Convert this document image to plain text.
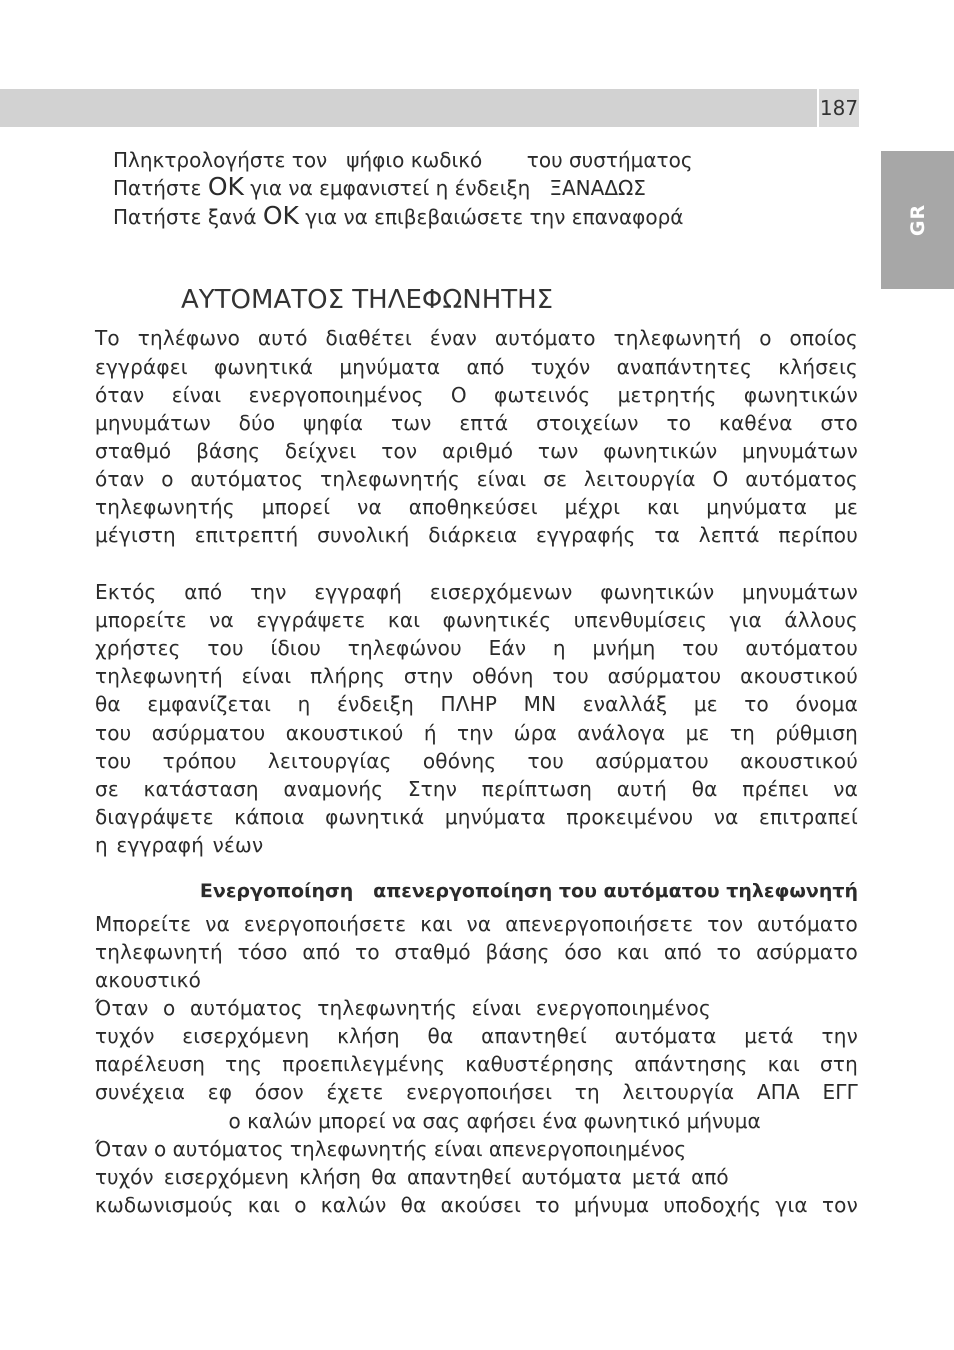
187
GR
Πληκτρολογήστε τον   ψήφιο κωδικό       του συστήματος
Πατήστε OK για να εμφανιστεί η ένδειξη   ΞΑΝΑΔΩΣ
Πατήστε ξανά OK για να επιβεβαιώσετε την επαναφορά
ΑΥΤΟΜΑΤΟΣ ΤΗΛΕΦΩΝΗΤΗΣ
Το τηλέφωνο αυτό διαθέτει έναν αυτόματο τηλεφωνητή ο οποίος
εγγράφει φωνητικά μηνύματα από τυχόν αναπάντητες κλήσεις
όταν είναι ενεργοποιημένος Ο φωτεινός μετρητής φωνητικών
μηνυμάτων δύο ψηφία των επτά στοιχείων το καθένα στο
σταθμό βάσης δείχνει τον αριθμό των φωνητικών μηνυμάτων
όταν ο αυτόματος τηλεφωνητής είναι σε λειτουργία Ο αυτόματος
τηλεφωνητής μπορεί να αποθηκεύσει μέχρι και μηνύματα με
μέγιστη επιτρεπτή συνολική διάρκεια εγγραφής τα λεπτά περίπου
Εκτός από την εγγραφή εισερχόμενων φωνητικών μηνυμάτων
μπορείτε να εγγράψετε και φωνητικές υπενθυμίσεις για άλλους
χρήστες του ίδιου τηλεφώνου Εάν η μνήμη του αυτόματου
τηλεφωνητή είναι πλήρης στην οθόνη του ασύρματου ακουστικού
θα εμφανίζεται η ένδειξη ΠΛΗΡ ΜΝ εναλλάξ με το όνομα
του ασύρματου ακουστικού ή την ώρα ανάλογα με τη ρύθμιση
του τρόπου λειτουργίας οθόνης του ασύρματου ακουστικού
σε κατάσταση αναμονής Στην περίπτωση αυτή θα πρέπει να
διαγράψετε κάποια φωνητικά μηνύματα προκειμένου να επιτραπεί
η εγγραφή νέων
Ενεργοποίηση   απενεργοποίηση του αυτόματου τηλεφωνητή
Μπορείτε να ενεργοποιήσετε και να απενεργοποιήσετε τον αυτόματο
τηλεφωνητή τόσο από το σταθμό βάσης όσο και από το ασύρματο
ακουστικό
Όταν ο αυτόματος τηλεφωνητής είναι ενεργοποιημένος
τυχόν εισερχόμενη κλήση θα απαντηθεί αυτόματα μετά την
παρέλευση της προεπιλεγμένης καθυστέρησης απάντησης και στη
συνέχεια εφ όσον έχετε ενεργοποιήσει τη λειτουργία ΑΠΑ ΕΓΓ
ο καλών μπορεί να σας αφήσει ένα φωνητικό μήνυμα
Όταν ο αυτόματος τηλεφωνητής είναι απενεργοποιημένος
τυχόν εισερχόμενη κλήση θα απαντηθεί αυτόματα μετά από
κωδωνισμούς και ο καλών θα ακούσει το μήνυμα υποδοχής για τον
